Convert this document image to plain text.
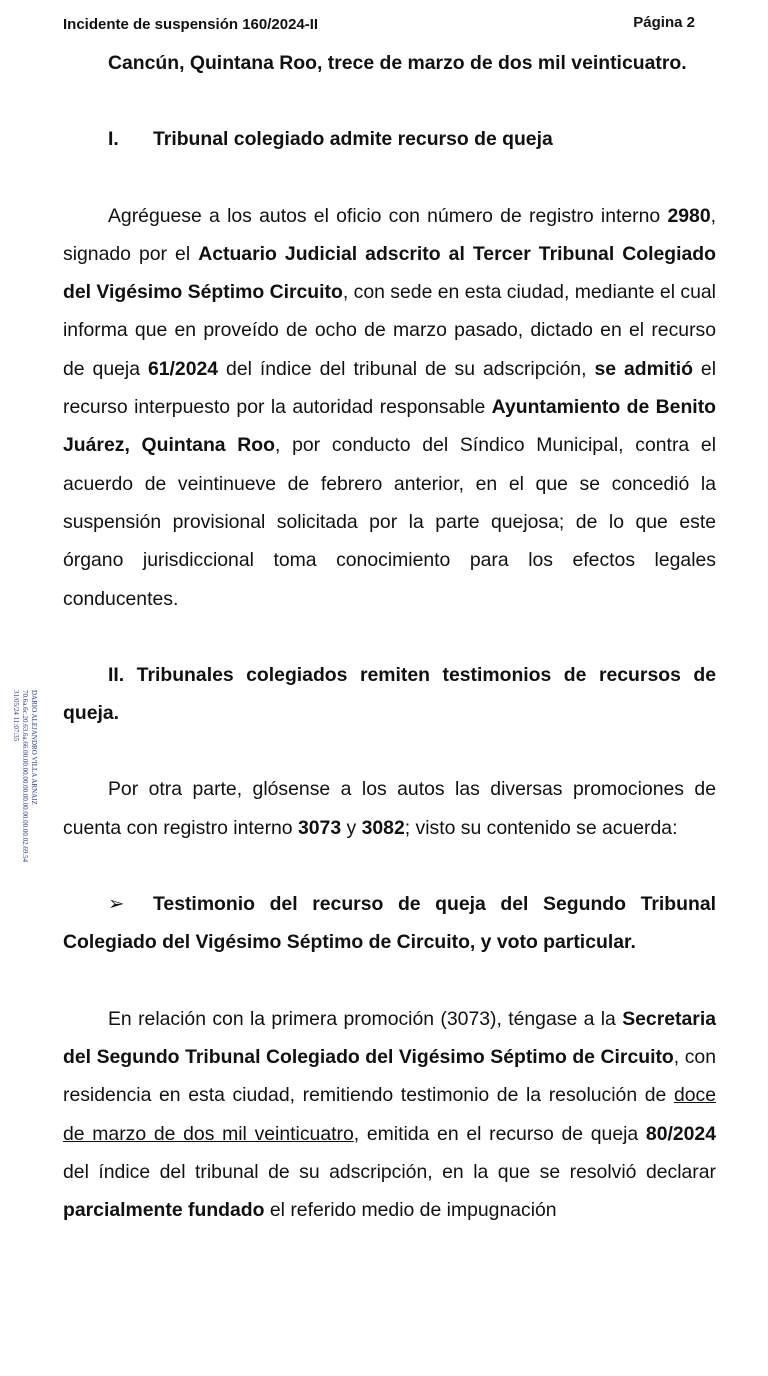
Incidente de suspensión 160/2024-II	Página 2
DARIO ALEJANDRO VILLA ARNAIZ
70.6a.6c.20.63.6a.66.00.00.00.00.00.00.00.00.00.00.02.69.54
31/05/24 11:07:35

Cancún, Quintana Roo, trece de marzo de dos mil veinticuatro.

I. Tribunal colegiado admite recurso de queja

Agréguese a los autos el oficio con número de registro interno 2980, signado por el Actuario Judicial adscrito al Tercer Tribunal Colegiado del Vigésimo Séptimo Circuito, con sede en esta ciudad, mediante el cual informa que en proveído de ocho de marzo pasado, dictado en el recurso de queja 61/2024 del índice del tribunal de su adscripción, se admitió el recurso interpuesto por la autoridad responsable Ayuntamiento de Benito Juárez, Quintana Roo, por conducto del Síndico Municipal, contra el acuerdo de veintinueve de febrero anterior, en el que se concedió la suspensión provisional solicitada por la parte quejosa; de lo que este órgano jurisdiccional toma conocimiento para los efectos legales conducentes.

II. Tribunales colegiados remiten testimonios de recursos de queja.

Por otra parte, glósense a los autos las diversas promociones de cuenta con registro interno 3073 y 3082; visto su contenido se acuerda:

➢ Testimonio del recurso de queja del Segundo Tribunal Colegiado del Vigésimo Séptimo de Circuito, y voto particular.

En relación con la primera promoción (3073), téngase a la Secretaria del Segundo Tribunal Colegiado del Vigésimo Séptimo de Circuito, con residencia en esta ciudad, remitiendo testimonio de la resolución de doce de marzo de dos mil veinticuatro, emitida en el recurso de queja 80/2024 del índice del tribunal de su adscripción, en la que se resolvió declarar parcialmente fundado el referido medio de impugnación
